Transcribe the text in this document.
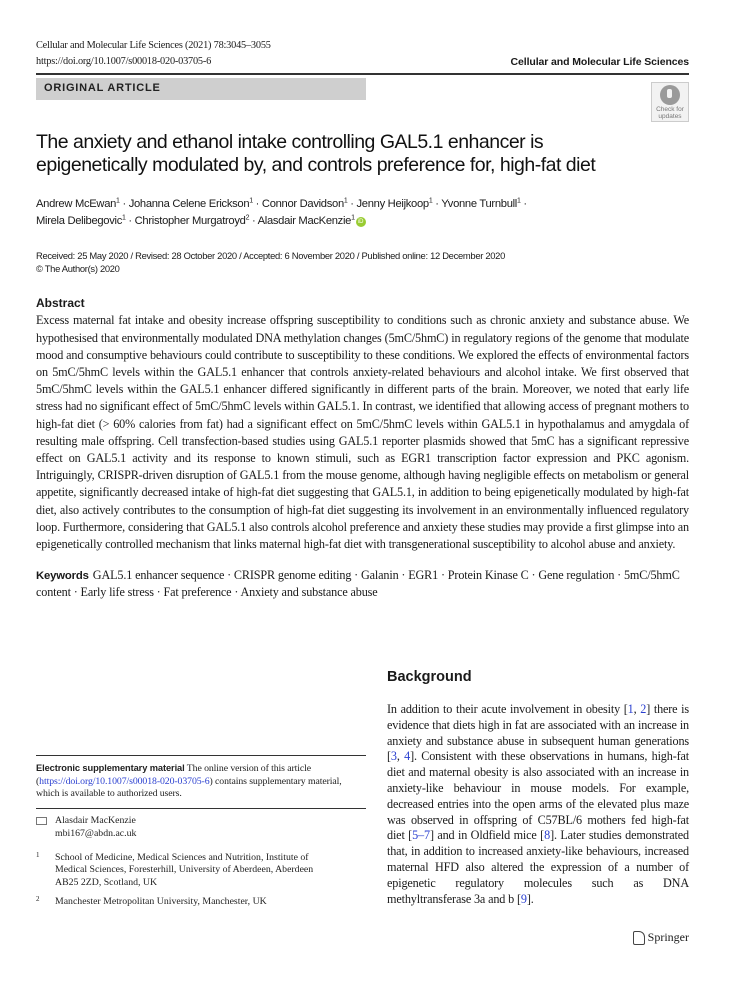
Cellular and Molecular Life Sciences (2021) 78:3045–3055
https://doi.org/10.1007/s00018-020-03705-6	Cellular and Molecular Life Sciences
ORIGINAL ARTICLE
Check for
updates
The anxiety and ethanol intake controlling GAL5.1 enhancer is epigenetically modulated by, and controls preference for, high-fat diet
Andrew McEwan$^1$ · Johanna Celene Erickson$^1$ · Connor Davidson$^1$ · Jenny Heijkoop$^1$ · Yvonne Turnbull$^1$ ·
Mirela Delibegovic$^1$ · Christopher Murgatroyd$^2$ · Alasdair MacKenzie$^1$iD
Received: 25 May 2020 / Revised: 28 October 2020 / Accepted: 6 November 2020 / Published online: 12 December 2020
© The Author(s) 2020
Abstract

Excess maternal fat intake and obesity increase offspring susceptibility to conditions such as chronic anxiety and substance abuse. We hypothesised that environmentally modulated DNA methylation changes (5mC/5hmC) in regulatory regions of the genome that modulate mood and consumptive behaviours could contribute to susceptibility to these conditions. We explored the effects of environmental factors on 5mC/5hmC levels within the GAL5.1 enhancer that controls anxiety-related behaviours and alcohol intake. We first observed that 5mC/5hmC levels within the GAL5.1 enhancer differed significantly in different parts of the brain. Moreover, we noted that early life stress had no significant effect of 5mC/5hmC levels within GAL5.1. In contrast, we identified that allowing access of pregnant mothers to high-fat diet (> 60% calories from fat) had a significant effect on 5mC/5hmC levels within GAL5.1 in hypothalamus and amygdala of resulting male offspring. Cell transfection-based studies using GAL5.1 reporter plasmids showed that 5mC has a significant repressive effect on GAL5.1 activity and its response to known stimuli, such as EGR1 transcription factor expression and PKC agonism. Intriguingly, CRISPR-driven disruption of GAL5.1 from the mouse genome, although having negligible effects on metabolism or general appetite, significantly decreased intake of high-fat diet suggesting that GAL5.1, in addition to being epigenetically modulated by high-fat diet, also actively contributes to the consumption of high-fat diet suggesting its involvement in an environmentally influenced regulatory loop. Furthermore, considering that GAL5.1 also controls alcohol preference and anxiety these studies may provide a first glimpse into an epigenetically controlled mechanism that links maternal high-fat diet with transgenerational susceptibility to alcohol abuse and anxiety.

Keywords GAL5.1 enhancer sequence · CRISPR genome editing · Galanin · EGR1 · Protein Kinase C · Gene regulation · 5mC/5hmC content · Early life stress · Fat preference · Anxiety and substance abuse
Background

In addition to their acute involvement in obesity [1, 2] there is evidence that diets high in fat are associated with an increase in anxiety and substance abuse in subsequent human generations [3, 4]. Consistent with these observations in humans, high-fat diet and maternal obesity is also associated with an increase in anxiety-like behaviour in mouse models. For example, decreased entries into the open arms of the elevated plus maze was observed in offspring of C57BL/6 mothers fed high-fat diet [5–7] and in Oldfield mice [8]. Later studies demonstrated that, in addition to increased anxiety-like behaviours, increased maternal HFD also altered the expression of a number of epigenetic regulatory molecules such as DNA methyltransferase 3a and b [9].

Electronic supplementary material The online version of this article (https://doi.org/10.1007/s00018-020-03705-6) contains supplementary material, which is available to authorized users.
Alasdair MacKenzie
mbi167@abdn.ac.uk
1 School of Medicine, Medical Sciences and Nutrition, Institute of Medical Sciences, Foresterhill, University of Aberdeen, Aberdeen AB25 2ZD, Scotland, UK
2 Manchester Metropolitan University, Manchester, UK
Springer
